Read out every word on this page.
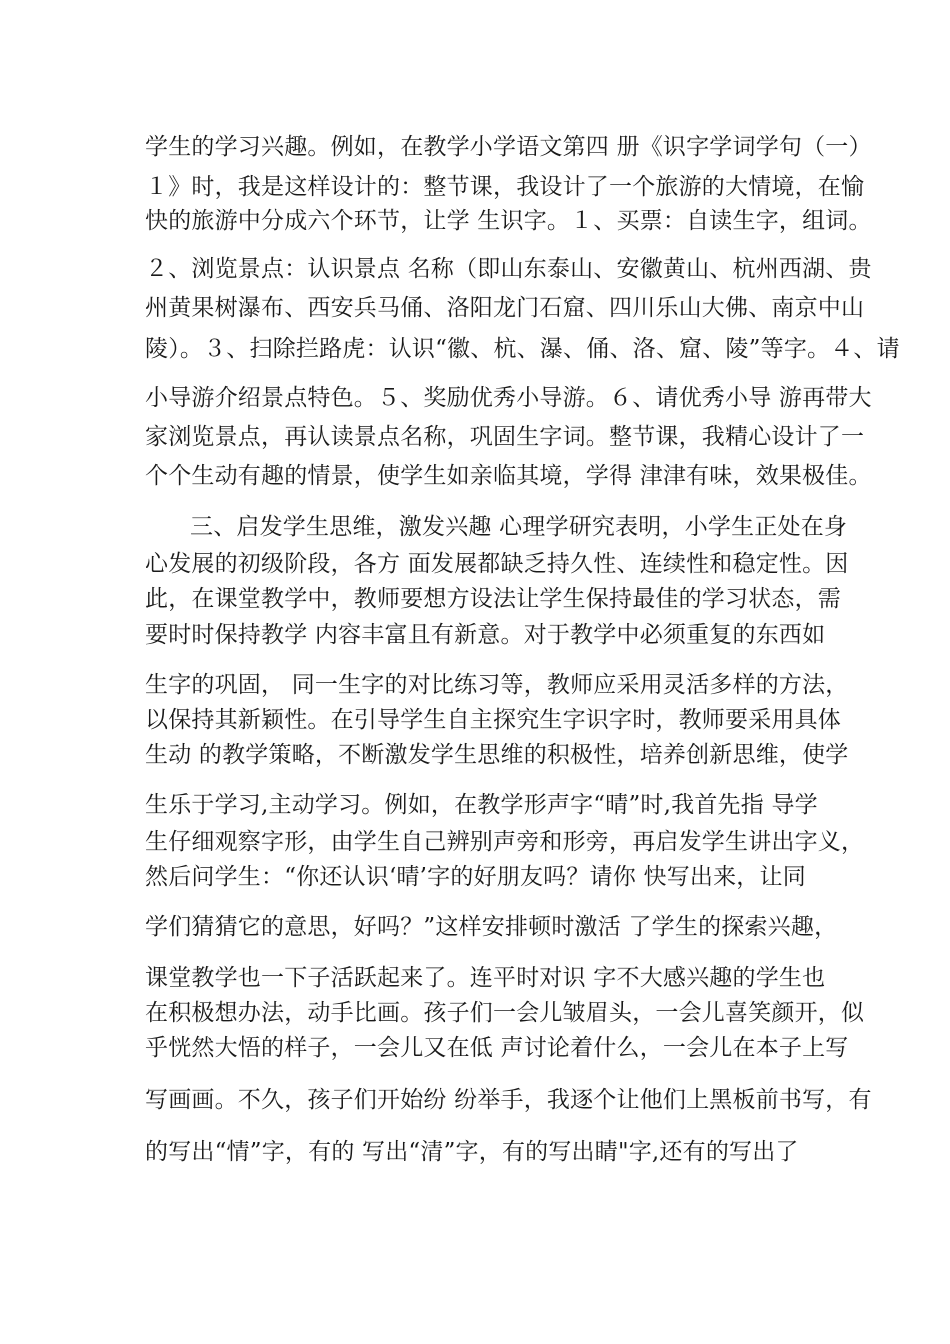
学生的学习兴趣。例如，在教学小学语文第四 册《识字学词学句（一）
１》时，我是这样设计的：整节课，我设计了一个旅游的大情境，在愉
快的旅游中分成六个环节，让学 生识字。１、买票：自读生字，组词。
２、浏览景点：认识景点 名称（即山东泰山、安徽黄山、杭州西湖、贵
州黄果树瀑布、西安兵马俑、洛阳龙门石窟、四川乐山大佛、南京中山
陵）。３、扫除拦路虎：认识“徽、杭、瀑、俑、洛、窟、陵”等字。４、请
小导游介绍景点特色。５、奖励优秀小导游。６、请优秀小导 游再带大
家浏览景点，再认读景点名称，巩固生字词。整节课，我精心设计了一
个个生动有趣的情景，使学生如亲临其境，学得 津津有味，效果极佳。
三、启发学生思维，激发兴趣 心理学研究表明，小学生正处在身
心发展的初级阶段，各方 面发展都缺乏持久性、连续性和稳定性。因
此，在课堂教学中，教师要想方设法让学生保持最佳的学习状态，需
要时时保持教学 内容丰富且有新意。对于教学中必须重复的东西如
生字的巩固， 同一生字的对比练习等，教师应采用灵活多样的方法，
以保持其新颖性。在引导学生自主探究生字识字时，教师要采用具体
生动 的教学策略，不断激发学生思维的积极性，培养创新思维，使学
生乐于学习,主动学习。例如，在教学形声字“晴”时,我首先指 导学
生仔细观察字形，由学生自己辨别声旁和形旁，再启发学生讲出字义，
然后问学生：“你还认识‘晴’字的好朋友吗？请你 快写出来，让同
学们猜猜它的意思，好吗？”这样安排顿时激活 了学生的探索兴趣，
课堂教学也一下子活跃起来了。连平时对识 字不大感兴趣的学生也
在积极想办法，动手比画。孩子们一会儿皱眉头，一会儿喜笑颜开，似
乎恍然大悟的样子，一会儿又在低 声讨论着什么，一会儿在本子上写
写画画。不久，孩子们开始纷 纷举手，我逐个让他们上黑板前书写，有
的写出“情”字，有的 写出“清”字，有的写出睛"字,还有的写出了
